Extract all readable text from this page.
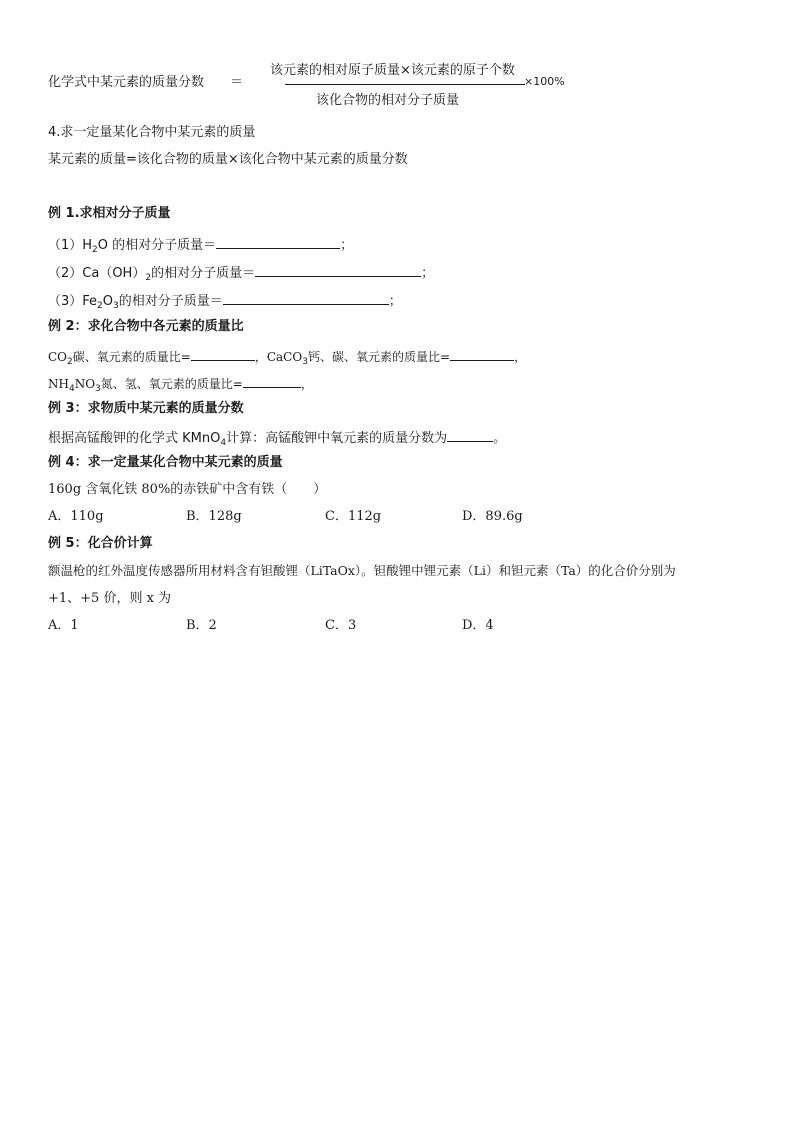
化学式中某元素的质量分数 ＝
该元素的相对原子质量×该元素的原子个数
×100%
该化合物的相对分子质量
4.求一定量某化合物中某元素的质量
某元素的质量=该化合物的质量×该化合物中某元素的质量分数
例 1.求相对分子质量
$(1)H_2O$ 的相对分子质量＝	；
$(2)Ca(OH)_2$的相对分子质量＝	；
$(3)Fe_2O_3$的相对分子质量＝	；
例 2：求化合物中各元素的质量比
$CO_2$碳、氧元素的质量比=	，CaCO$_3$钙、碳、氧元素的质量比=	，
$NH_4NO_3$氮、氢、氧元素的质量比=	，
例 3：求物质中某元素的质量分数
根据高锰酸钾的化学式 KMnO$_4$计算：高锰酸钾中氧元素的质量分数为	。
例 4：求一定量某化合物中某元素的质量
160g 含氧化铁 80%的赤铁矿中含有铁（　　）
A．110g	B．128g	C．112g	D．89.6g
例 5：化合价计算
额温枪的红外温度传感器所用材料含有钽酸锂（LiTaOx）。钽酸锂中锂元素（Li）和钽元素（Ta）的化合价分别为
+1、+5 价，则 x 为
A．1	B．2	C．3	D．4
